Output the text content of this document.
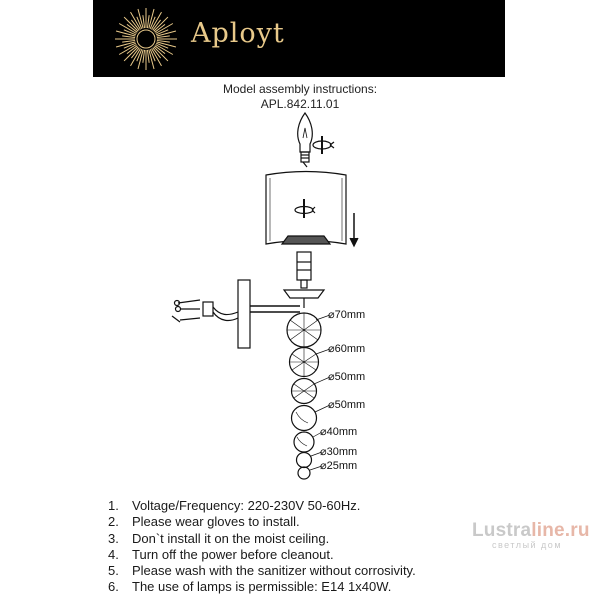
Aployt
Model assembly instructions:
APL.842.11.01
⌀70mm
⌀60mm
⌀50mm
⌀50mm
⌀40mm
⌀30mm
⌀25mm
1. Voltage/Frequency: 220-230V 50-60Hz.
2. Please wear gloves to install.
3. Don`t install it on the moist ceiling.
4. Turn off the power before cleanout.
5. Please wash with the sanitizer without corrosivity.
6. The use of lamps is permissible: E14 1x40W.
Lustraline.ru
светлый дом
